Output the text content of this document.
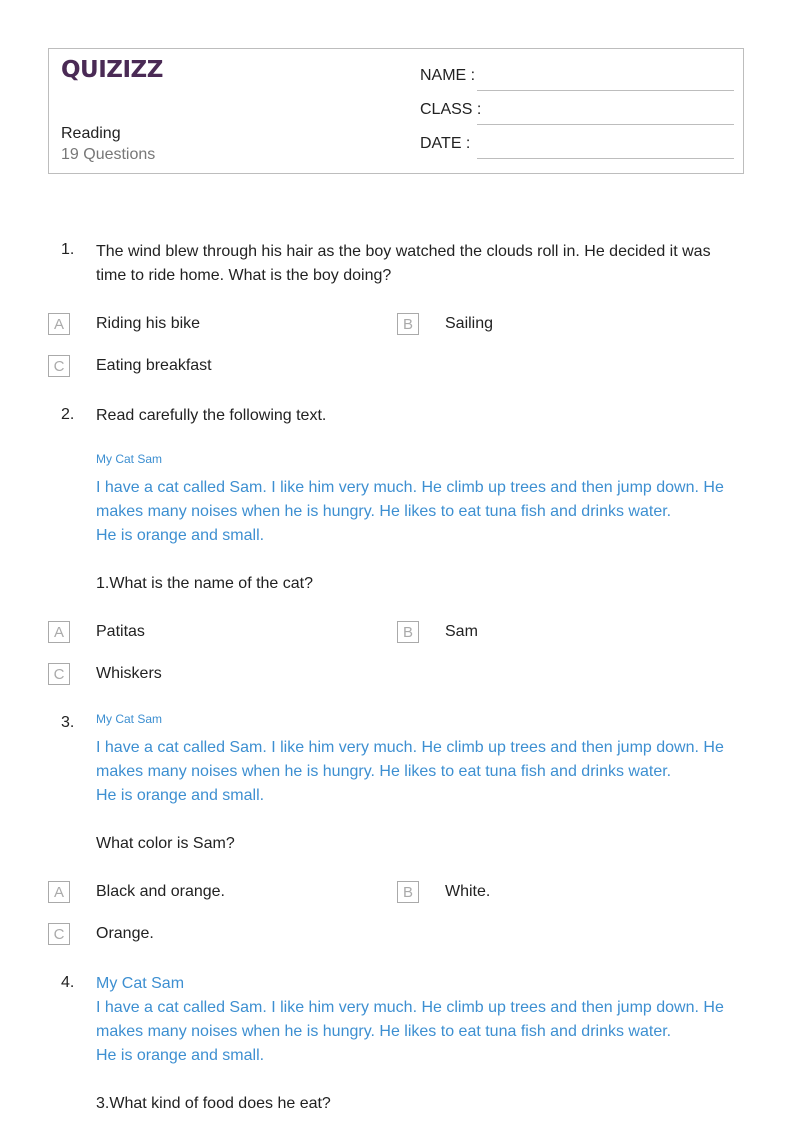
QUIZIZZ
Reading
19 Questions
NAME :
CLASS :
DATE :
1. The wind blew through his hair as the boy watched the clouds roll in. He decided it was
time to ride home. What is the boy doing?
A	Riding his bike	B	Sailing
C	Eating breakfast
2. Read carefully the following text.
My Cat Sam
I have a cat called Sam. I like him very much. He climb up trees and then jump down. He
makes many noises when he is hungry. He likes to eat tuna fish and drinks water.
He is orange and small.
1.What is the name of the cat?
A	Patitas	B	Sam
C	Whiskers
3. My Cat Sam
I have a cat called Sam. I like him very much. He climb up trees and then jump down. He
makes many noises when he is hungry. He likes to eat tuna fish and drinks water.
He is orange and small.
What color is Sam?
A	Black and orange.	B	White.
C	Orange.
4. My Cat Sam
I have a cat called Sam. I like him very much. He climb up trees and then jump down. He
makes many noises when he is hungry. He likes to eat tuna fish and drinks water.
He is orange and small.
3.What kind of food does he eat?
